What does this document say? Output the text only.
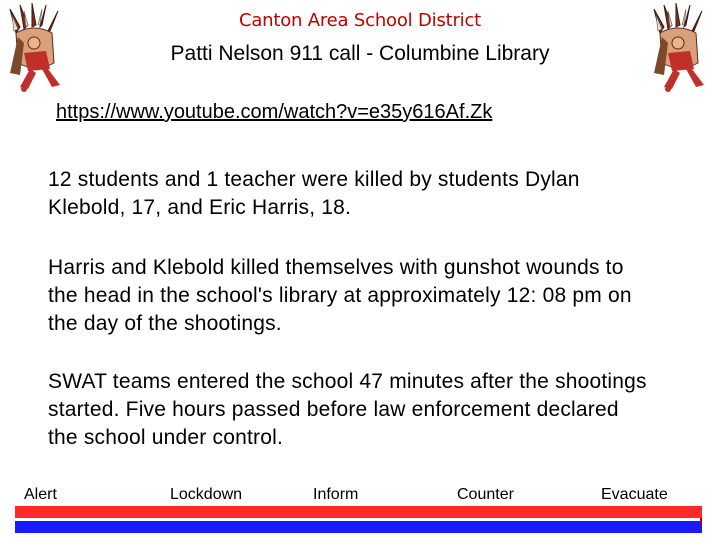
Canton Area School District
Patti Nelson 911 call - Columbine Library
https://www.youtube.com/watch?v=e35y616Af.Zk
12 students and 1 teacher were killed by students Dylan Klebold, 17, and Eric Harris, 18.
Harris and Klebold killed themselves with gunshot wounds to the head in the school's library at approximately 12: 08 pm on the day of the shootings.
SWAT teams entered the school 47 minutes after the shootings started. Five hours passed before law enforcement declared the school under control.
Alert	Lockdown	Inform	Counter	Evacuate
